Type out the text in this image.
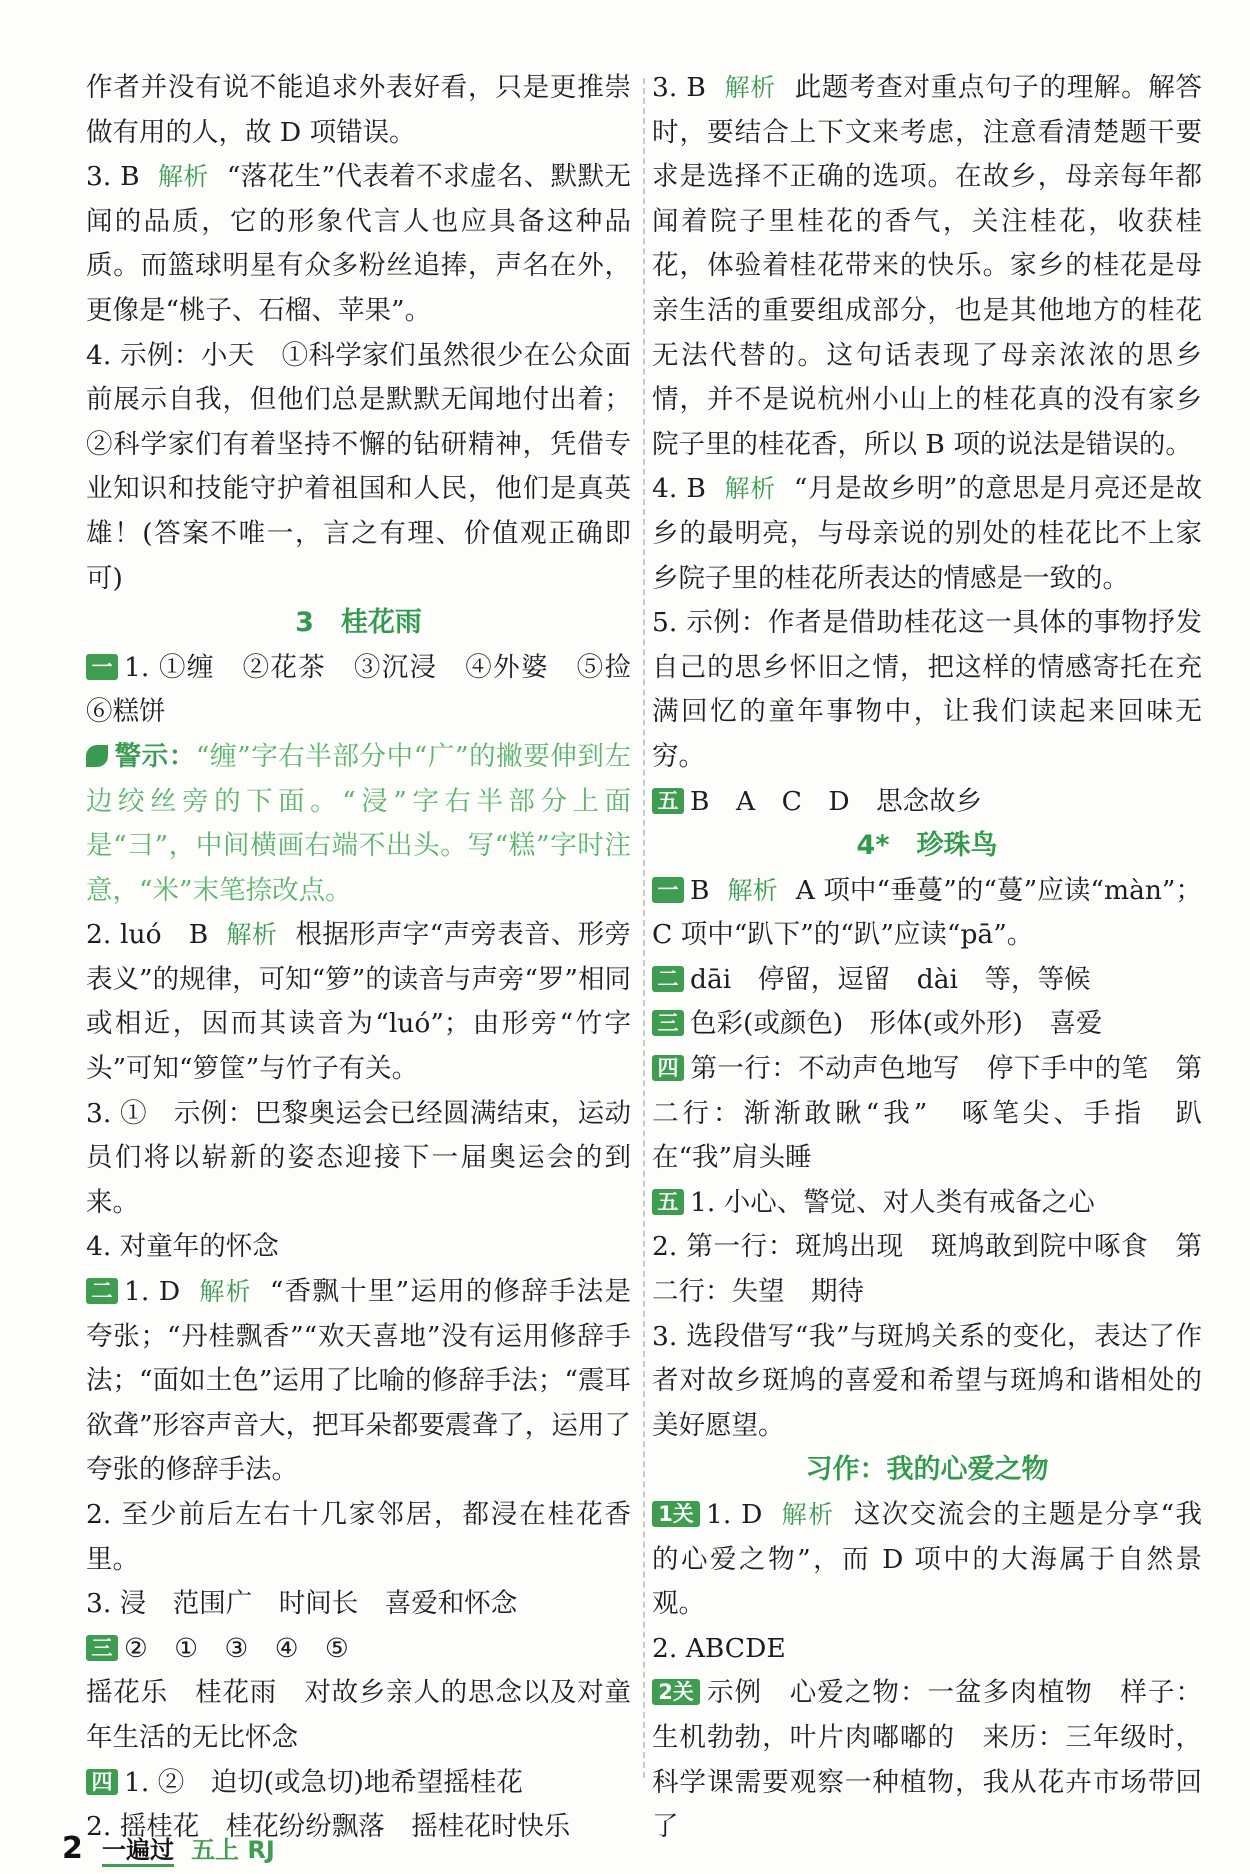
作者并没有说不能追求外表好看，只是更推崇做有用的人，故 D 项错误。

3. B 解析 “落花生”代表着不求虚名、默默无闻的品质，它的形象代言人也应具备这种品质。而篮球明星有众多粉丝追捧，声名在外，更像是“桃子、石榴、苹果”。

4. 示例：小天　①科学家们虽然很少在公众面前展示自我，但他们总是默默无闻地付出着；②科学家们有着坚持不懈的钻研精神，凭借专业知识和技能守护着祖国和人民，他们是真英雄！(答案不唯一，言之有理、价值观正确即可)

3　桂花雨

一 1. ①缠　②花茶　③沉浸　④外婆　⑤捡　⑥糕饼

警示：“缠”字右半部分中“广”的撇要伸到左边绞丝旁的下面。“浸”字右半部分上面是“彐”，中间横画右端不出头。写“糕”字时注意，“米”末笔捺改点。

2. luó　B 解析 根据形声字“声旁表音、形旁表义”的规律，可知“箩”的读音与声旁“罗”相同或相近，因而其读音为“luó”；由形旁“竹字头”可知“箩筐”与竹子有关。

3. ①　示例：巴黎奥运会已经圆满结束，运动员们将以崭新的姿态迎接下一届奥运会的到来。

4. 对童年的怀念

二 1. D 解析 “香飘十里”运用的修辞手法是夸张；“丹桂飘香”“欢天喜地”没有运用修辞手法；“面如土色”运用了比喻的修辞手法；“震耳欲聋”形容声音大，把耳朵都要震聋了，运用了夸张的修辞手法。

2. 至少前后左右十几家邻居，都浸在桂花香里。

3. 浸　范围广　时间长　喜爱和怀念

三 ②　①　③　④　⑤

摇花乐　桂花雨　对故乡亲人的思念以及对童年生活的无比怀念

四 1. ②　迫切(或急切)地希望摇桂花

2. 摇桂花　桂花纷纷飘落　摇桂花时快乐

3. B 解析 此题考查对重点句子的理解。解答时，要结合上下文来考虑，注意看清楚题干要求是选择不正确的选项。在故乡，母亲每年都闻着院子里桂花的香气，关注桂花，收获桂花，体验着桂花带来的快乐。家乡的桂花是母亲生活的重要组成部分，也是其他地方的桂花无法代替的。这句话表现了母亲浓浓的思乡情，并不是说杭州小山上的桂花真的没有家乡院子里的桂花香，所以 B 项的说法是错误的。

4. B 解析 “月是故乡明”的意思是月亮还是故乡的最明亮，与母亲说的别处的桂花比不上家乡院子里的桂花所表达的情感是一致的。

5. 示例：作者是借助桂花这一具体的事物抒发自己的思乡怀旧之情，把这样的情感寄托在充满回忆的童年事物中，让我们读起来回味无穷。

五 B　A　C　D　思念故乡

4*　珍珠鸟

一 B 解析 A 项中“垂蔓”的“蔓”应读“màn”；C 项中“趴下”的“趴”应读“pā”。

二 dāi　停留，逗留　dài　等，等候

三 色彩(或颜色)　形体(或外形)　喜爱

四 第一行：不动声色地写　停下手中的笔　第二行：渐渐敢瞅“我”　啄笔尖、手指　趴在“我”肩头睡

五 1. 小心、警觉、对人类有戒备之心

2. 第一行：斑鸠出现　斑鸠敢到院中啄食　第二行：失望　期待

3. 选段借写“我”与斑鸠关系的变化，表达了作者对故乡斑鸠的喜爱和希望与斑鸠和谐相处的美好愿望。

习作：我的心爱之物

1关 1. D 解析 这次交流会的主题是分享“我的心爱之物”，而 D 项中的大海属于自然景观。

2. ABCDE

2关 示例　心爱之物：一盆多肉植物　样子：生机勃勃，叶片肉嘟嘟的　来历：三年级时，科学课需要观察一种植物，我从花卉市场带回了

2 一遍过 五上 RJ
